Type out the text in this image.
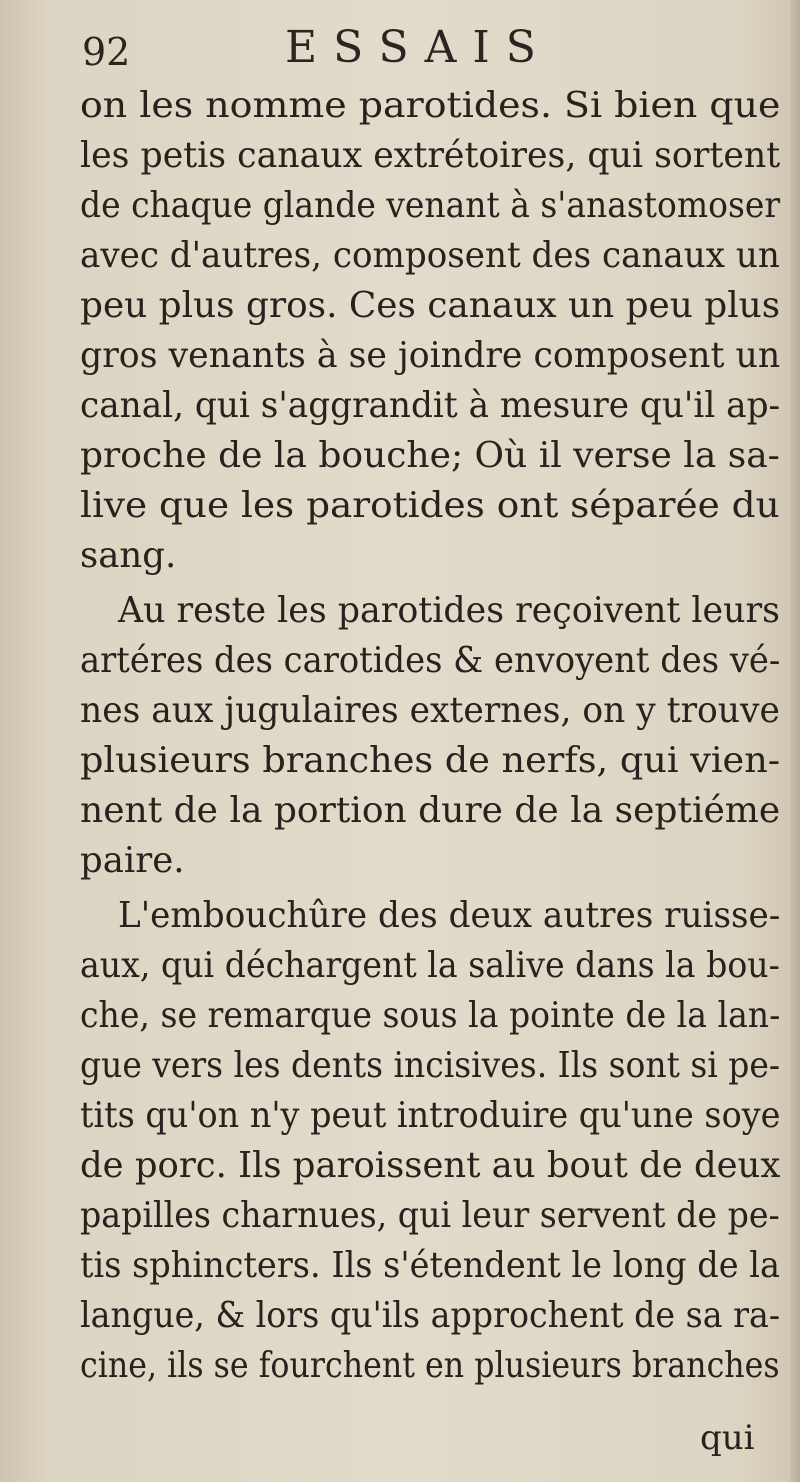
92	ESSAIS
on les nomme parotides. Si bien que
les petis canaux extrétoires, qui sortent
de chaque glande venant à s'anastomoser
avec d'autres, composent des canaux un
peu plus gros. Ces canaux un peu plus
gros venants à se joindre composent un
canal, qui s'aggrandit à mesure qu'il ap-
proche de la bouche; Où il verse la sa-
live que les parotides ont séparée du
sang.
Au reste les parotides reçoivent leurs
artéres des carotides & envoyent des vé-
nes aux jugulaires externes, on y trouve
plusieurs branches de nerfs, qui vien-
nent de la portion dure de la septiéme
paire.
L'embouchûre des deux autres ruisse-
aux, qui déchargent la salive dans la bou-
che, se remarque sous la pointe de la lan-
gue vers les dents incisives. Ils sont si pe-
tits qu'on n'y peut introduire qu'une soye
de porc. Ils paroissent au bout de deux
papilles charnues, qui leur servent de pe-
tis sphincters. Ils s'étendent le long de la
langue, & lors qu'ils approchent de sa ra-
cine, ils se fourchent en plusieurs branches
qui
